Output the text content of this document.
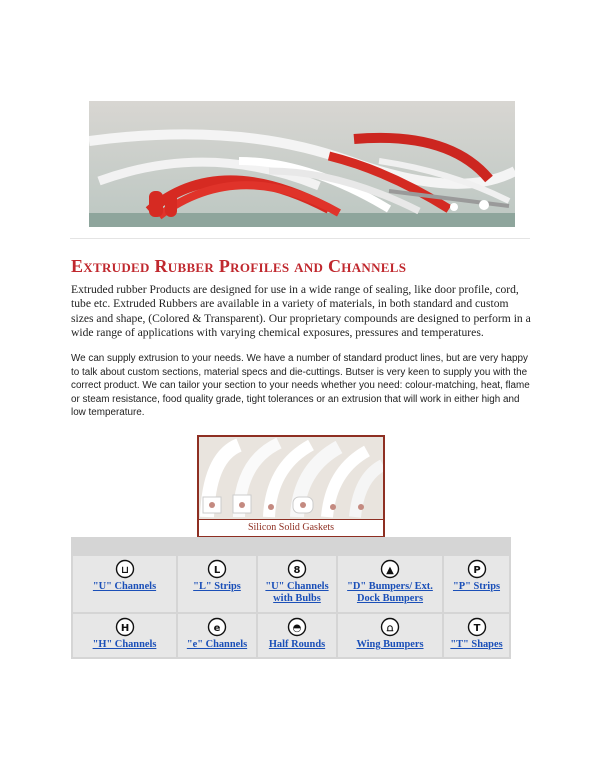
Extruded Rubber Profiles and Channels
Extruded rubber Products are designed for use in a wide range of sealing, like door profile, cord, tube etc. Extruded Rubbers are available in a variety of materials, in both standard and custom sizes and shape, (Colored & Transparent). Our proprietary compounds are designed to perform in a wide range of applications with varying chemical exposures, pressures and temperatures.
We can supply extrusion to your needs. We have a number of standard product lines, but are very happy to talk about custom sections, material specs and die-cuttings. Butser is very keen to supply you with the correct product. We can tailor your section to your needs whether you need: colour-matching, heat, flame or steam resistance, food quality grade, tight tolerances or an extrusion that will work in either high and low temperature.
Silicon Solid Gaskets
⊔
"U" Channels
L
"L" Strips
8
"U" Channels with Bulbs
▲
"D" Bumpers/ Ext. Dock Bumpers
P
"P" Strips
H
"H" Channels
e
"e" Channels
◓
Half Rounds
⩍
Wing Bumpers
T
"T" Shapes
